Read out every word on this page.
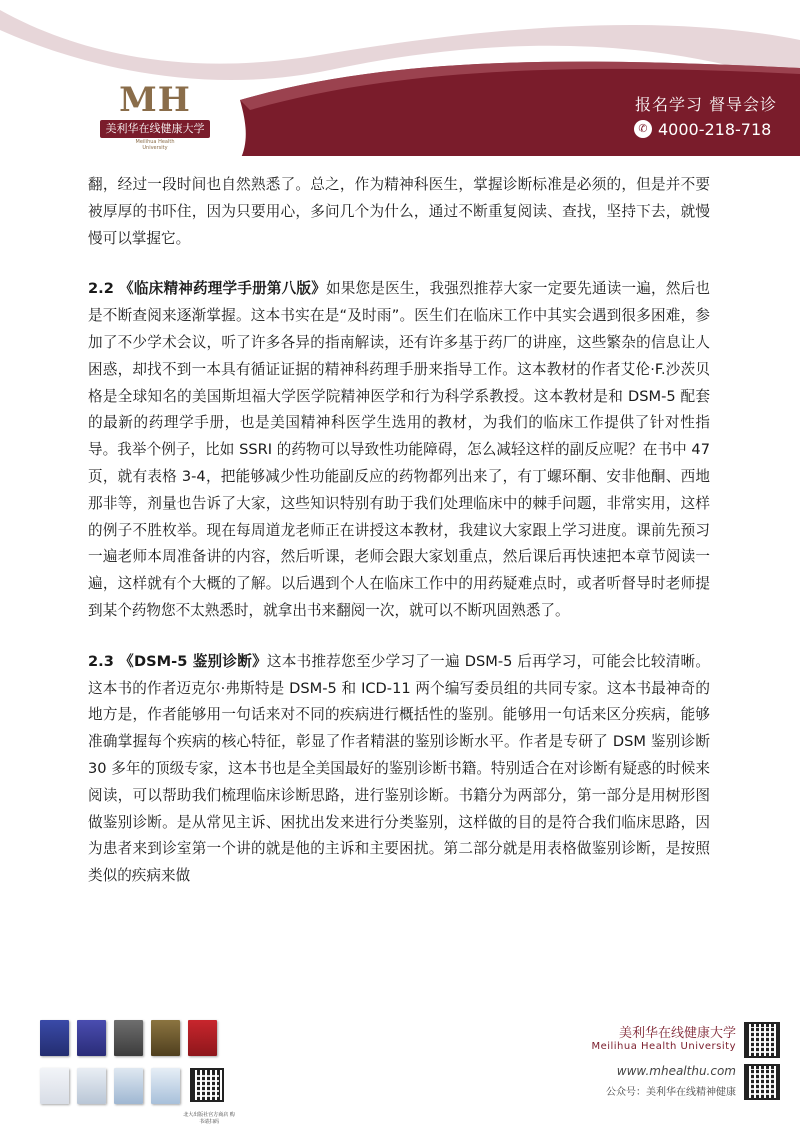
MH
美利华在线健康大学
Meilihua Health University
报名学习 督导会诊
✆ 4000-218-718

翻，经过一段时间也自然熟悉了。总之，作为精神科医生，掌握诊断标准是必须的，但是并不要被厚厚的书吓住，因为只要用心，多问几个为什么，通过不断重复阅读、查找，坚持下去，就慢慢可以掌握它。

2.2 《临床精神药理学手册第八版》如果您是医生，我强烈推荐大家一定要先通读一遍，然后也是不断查阅来逐渐掌握。这本书实在是“及时雨”。医生们在临床工作中其实会遇到很多困难，参加了不少学术会议，听了许多各异的指南解读，还有许多基于药厂的讲座，这些繁杂的信息让人困惑，却找不到一本具有循证证据的精神科药理手册来指导工作。这本教材的作者艾伦·F.沙茨贝格是全球知名的美国斯坦福大学医学院精神医学和行为科学系教授。这本教材是和 DSM-5 配套的最新的药理学手册，也是美国精神科医学生选用的教材，为我们的临床工作提供了针对性指导。我举个例子，比如 SSRI 的药物可以导致性功能障碍，怎么减轻这样的副反应呢？在书中 47 页，就有表格 3-4，把能够减少性功能副反应的药物都列出来了，有丁螺环酮、安非他酮、西地那非等，剂量也告诉了大家，这些知识特别有助于我们处理临床中的棘手问题，非常实用，这样的例子不胜枚举。现在每周道龙老师正在讲授这本教材，我建议大家跟上学习进度。课前先预习一遍老师本周准备讲的内容，然后听课，老师会跟大家划重点，然后课后再快速把本章节阅读一遍，这样就有个大概的了解。以后遇到个人在临床工作中的用药疑难点时，或者听督导时老师提到某个药物您不太熟悉时，就拿出书来翻阅一次，就可以不断巩固熟悉了。

2.3 《DSM-5 鉴别诊断》这本书推荐您至少学习了一遍 DSM-5 后再学习，可能会比较清晰。这本书的作者迈克尔·弗斯特是 DSM-5 和 ICD-11 两个编写委员组的共同专家。这本书最神奇的地方是，作者能够用一句话来对不同的疾病进行概括性的鉴别。能够用一句话来区分疾病，能够准确掌握每个疾病的核心特征，彰显了作者精湛的鉴别诊断水平。作者是专研了 DSM 鉴别诊断 30 多年的顶级专家，这本书也是全美国最好的鉴别诊断书籍。特别适合在对诊断有疑惑的时候来阅读，可以帮助我们梳理临床诊断思路，进行鉴别诊断。书籍分为两部分，第一部分是用树形图做鉴别诊断。是从常见主诉、困扰出发来进行分类鉴别，这样做的目的是符合我们临床思路，因为患者来到诊室第一个讲的就是他的主诉和主要困扰。第二部分就是用表格做鉴别诊断，是按照类似的疾病来做

北大出版社官方商店 购书请扫码
美利华在线健康大学
Meilihua Health University
www.mhealthu.com
公众号：美利华在线精神健康
